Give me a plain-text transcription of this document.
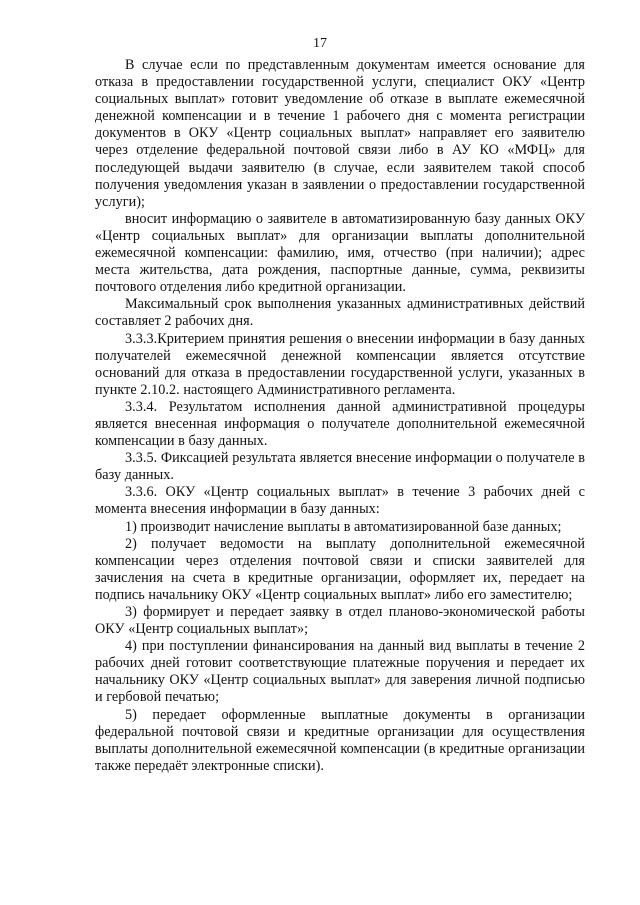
17

В случае если по представленным документам имеется основание для отказа в предоставлении государственной услуги, специалист ОКУ «Центр социальных выплат» готовит уведомление об отказе в выплате ежемесячной денежной компенсации и в течение 1 рабочего дня с момента регистрации документов в ОКУ «Центр социальных выплат» направляет его заявителю через отделение федеральной почтовой связи либо в АУ КО «МФЦ» для последующей выдачи заявителю (в случае, если заявителем такой способ получения уведомления указан в заявлении о предоставлении государственной услуги);

вносит информацию о заявителе в автоматизированную базу данных ОКУ «Центр социальных выплат» для организации выплаты дополнительной ежемесячной компенсации: фамилию, имя, отчество (при наличии); адрес места жительства, дата рождения, паспортные данные, сумма, реквизиты почтового отделения либо кредитной организации.

Максимальный срок выполнения указанных административных действий составляет 2 рабочих дня.

3.3.3.Критерием принятия решения о внесении информации в базу данных получателей ежемесячной денежной компенсации является отсутствие оснований для отказа в предоставлении государственной услуги, указанных в пункте 2.10.2. настоящего Административного регламента.

3.3.4. Результатом исполнения данной административной процедуры является внесенная информация о получателе дополнительной ежемесячной компенсации в базу данных.

3.3.5. Фиксацией результата является внесение информации о получателе в базу данных.

3.3.6. ОКУ «Центр социальных выплат» в течение 3 рабочих дней с момента внесения информации в базу данных:

1) производит начисление выплаты в автоматизированной базе данных;

2) получает ведомости на выплату дополнительной ежемесячной компенсации через отделения почтовой связи и списки заявителей для зачисления на счета в кредитные организации, оформляет их, передает на подпись начальнику ОКУ «Центр социальных выплат» либо его заместителю;

3) формирует и передает заявку в отдел планово-экономической работы ОКУ «Центр социальных выплат»;

4) при поступлении финансирования на данный вид выплаты в течение 2 рабочих дней готовит соответствующие платежные поручения и передает их начальнику ОКУ «Центр социальных выплат» для заверения личной подписью и гербовой печатью;

5) передает оформленные выплатные документы в организации федеральной почтовой связи и кредитные организации для осуществления выплаты дополнительной ежемесячной компенсации (в кредитные организации также передаёт электронные списки).
